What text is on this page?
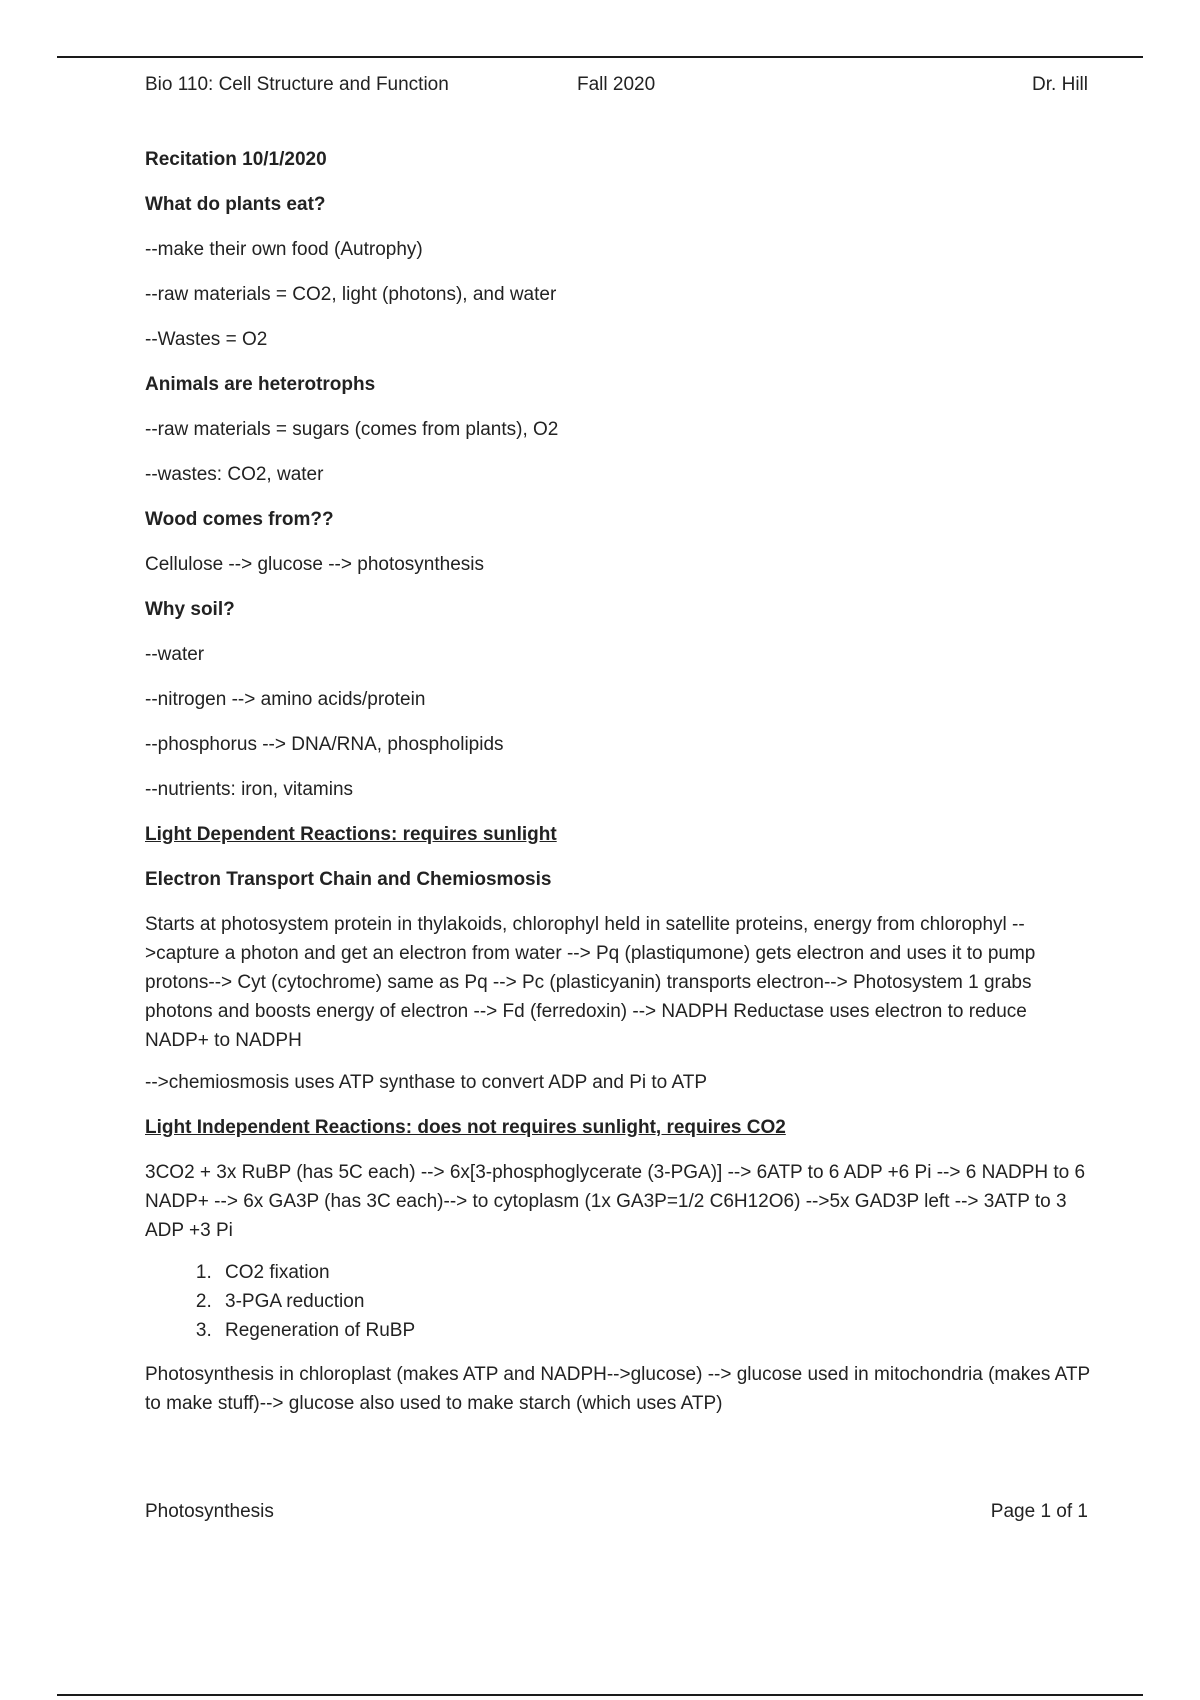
Bio 110: Cell Structure and Function	Fall 2020	Dr. Hill

Recitation 10/1/2020

What do plants eat?

--make their own food (Autrophy)

--raw materials = CO2, light (photons), and water

--Wastes = O2

Animals are heterotrophs

--raw materials = sugars (comes from plants), O2

--wastes: CO2, water

Wood comes from??

Cellulose --> glucose --> photosynthesis

Why soil?

--water

--nitrogen --> amino acids/protein

--phosphorus --> DNA/RNA, phospholipids

--nutrients: iron, vitamins

Light Dependent Reactions: requires sunlight

Electron Transport Chain and Chemiosmosis

Starts at photosystem protein in thylakoids, chlorophyl held in satellite proteins, energy from chlorophyl -->capture a photon and get an electron from water --> Pq (plastiqumone) gets electron and uses it to pump protons--> Cyt (cytochrome) same as Pq --> Pc (plasticyanin) transports electron--> Photosystem 1 grabs photons and boosts energy of electron --> Fd (ferredoxin) --> NADPH Reductase uses electron to reduce NADP+ to NADPH

-->chemiosmosis uses ATP synthase to convert ADP and Pi to ATP

Light Independent Reactions: does not requires sunlight, requires CO2

3CO2 + 3x RuBP (has 5C each) --> 6x[3-phosphoglycerate (3-PGA)] --> 6ATP to 6 ADP +6 Pi --> 6 NADPH to 6 NADP+ --> 6x GA3P (has 3C each)--> to cytoplasm (1x GA3P=1/2 C6H12O6) -->5x GAD3P left --> 3ATP to 3 ADP +3 Pi

1. CO2 fixation
2. 3-PGA reduction
3. Regeneration of RuBP

Photosynthesis in chloroplast (makes ATP and NADPH-->glucose) --> glucose used in mitochondria (makes ATP to make stuff)--> glucose also used to make starch (which uses ATP)

Photosynthesis	Page 1 of 1
